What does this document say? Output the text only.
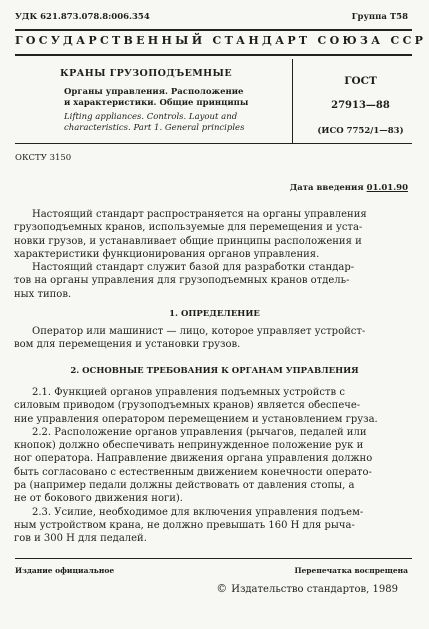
УДК 621.873.078.8:006.354	Группа Т58
ГОСУДАРСТВЕННЫЙ СТАНДАРТ СОЮЗА ССР
КРАНЫ ГРУЗОПОДЪЕМНЫЕ
Органы управления. Расположение
и характеристики. Общие принципы
Lifting appliances. Controls. Layout and
characteristics. Part 1. General principles
ГОСТ
27913—88
(ИСО 7752/1—83)
ОКСТУ 3150
Дата введения 01.01.90
Настоящий стандарт распространяется на органы управления
грузоподъемных кранов, используемые для перемещения и уста-
новки грузов, и устанавливает общие принципы расположения и
характеристики функционирования органов управления.
Настоящий стандарт служит базой для разработки стандар-
тов на органы управления для грузоподъемных кранов отдель-
ных типов.
1. ОПРЕДЕЛЕНИЕ
Оператор или машинист — лицо, которое управляет устройст-
вом для перемещения и установки грузов.
2. ОСНОВНЫЕ ТРЕБОВАНИЯ К ОРГАНАМ УПРАВЛЕНИЯ
2.1. Функцией органов управления подъемных устройств с
силовым приводом (грузоподъемных кранов) является обеспече-
ние управления оператором перемещением и установлением груза.
2.2. Расположение органов управления (рычагов, педалей или
кнопок) должно обеспечивать непринужденное положение рук и
ног оператора. Направление движения органа управления должно
быть согласовано с естественным движением конечности операто-
ра (например педали должны действовать от давления стопы, а
не от бокового движения ноги).
2.3. Усилие, необходимое для включения управления подъем-
ным устройством крана, не должно превышать 160 Н для рыча-
гов и 300 Н для педалей.
Издание официальное	Перепечатка воспрещена
© Издательство стандартов, 1989
